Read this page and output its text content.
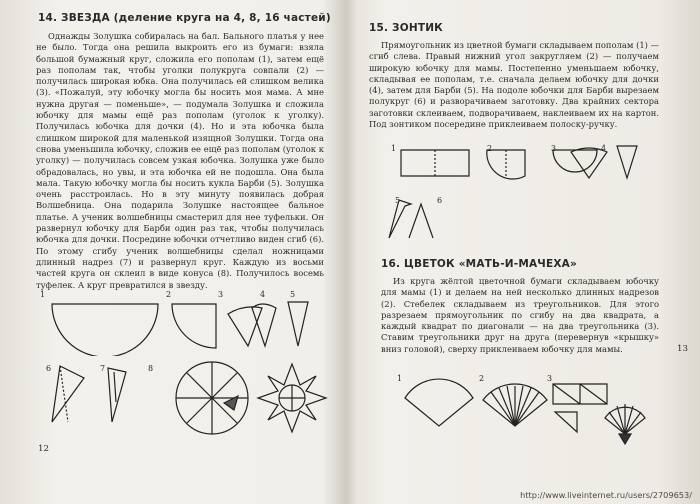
14. ЗВЕЗДА (деление круга на 4, 8, 16 частей)

Однажды Золушка собиралась на бал. Бального платья у нее не было. Тогда она решила выкроить его из бумаги: взяла большой бумажный круг, сложила его пополам (1), затем ещё раз пополам так, чтобы уголки полукруга совпали (2) — получилась широкая юбка. Она получилась ей слишком велика (3). «Пожалуй, эту юбочку могла бы носить моя мама. А мне нужна другая — поменьше», — подумала Золушка и сложила юбочку для мамы ещё раз пополам (уголок к уголку). Получилась юбочка для дочки (4). Но и эта юбочка была слишком широкой для маленькой изящной Золушки. Тогда она снова уменьшила юбочку, сложив ее ещё раз пополам (уголок к уголку) — получилась совсем узкая юбочка. Золушка уже было обрадовалась, но увы, и эта юбочка ей не подошла. Она была мала. Такую юбочку могла бы носить кукла Барби (5). Золушка очень расстроилась. Но в эту минуту появилась добрая Волшебница. Она подарила Золушке настоящее бальное платье. А ученик волшебницы смастерил для нее туфельки. Он развернул юбочку для Барби один раз так, чтобы получилась юбочка для дочки. Посредине юбочки отчетливо виден сгиб (6). По этому сгибу ученик волшебницы сделал ножницами длинный надрез (7) и развернул круг. Каждую из восьми частей круга он склеил в виде конуса (8). Получилось восемь туфелек. А круг превратился в звезду.

1	2	3	4	5
6	7	8
12
15. ЗОНТИК

Прямоугольник из цветной бумаги складываем пополам (1) — сгиб слева. Правый нижний угол закругляем (2) — получаем широкую юбочку для мамы. Постепенно уменьшаем юбочку, складывая ее пополам, т.е. сначала делаем юбочку для дочки (4), затем для Барби (5). На подоле юбочки для Барби вырезаем полукруг (6) и разворачиваем заготовку. Два крайних сектора заготовки склеиваем, подворачиваем, наклеиваем их на картон. Под зонтиком посередине приклеиваем полоску-ручку.

1	2	3	4
5	6
16. ЦВЕТОК «МАТЬ-И-МАЧЕХА»

Из круга жёлтой цветочной бумаги складываем юбочку для мамы (1) и делаем на ней несколько длинных надрезов (2). Стебелек складываем из треугольников. Для этого разрезаем прямоугольник по сгибу на два квадрата, а каждый квадрат по диагонали — на два треугольника (3). Ставим треугольники друг на друга (перевернув «крышку» вниз головой), сверху приклеиваем юбочку для мамы.

1	2	3
13
http://www.liveinternet.ru/users/2709653/
